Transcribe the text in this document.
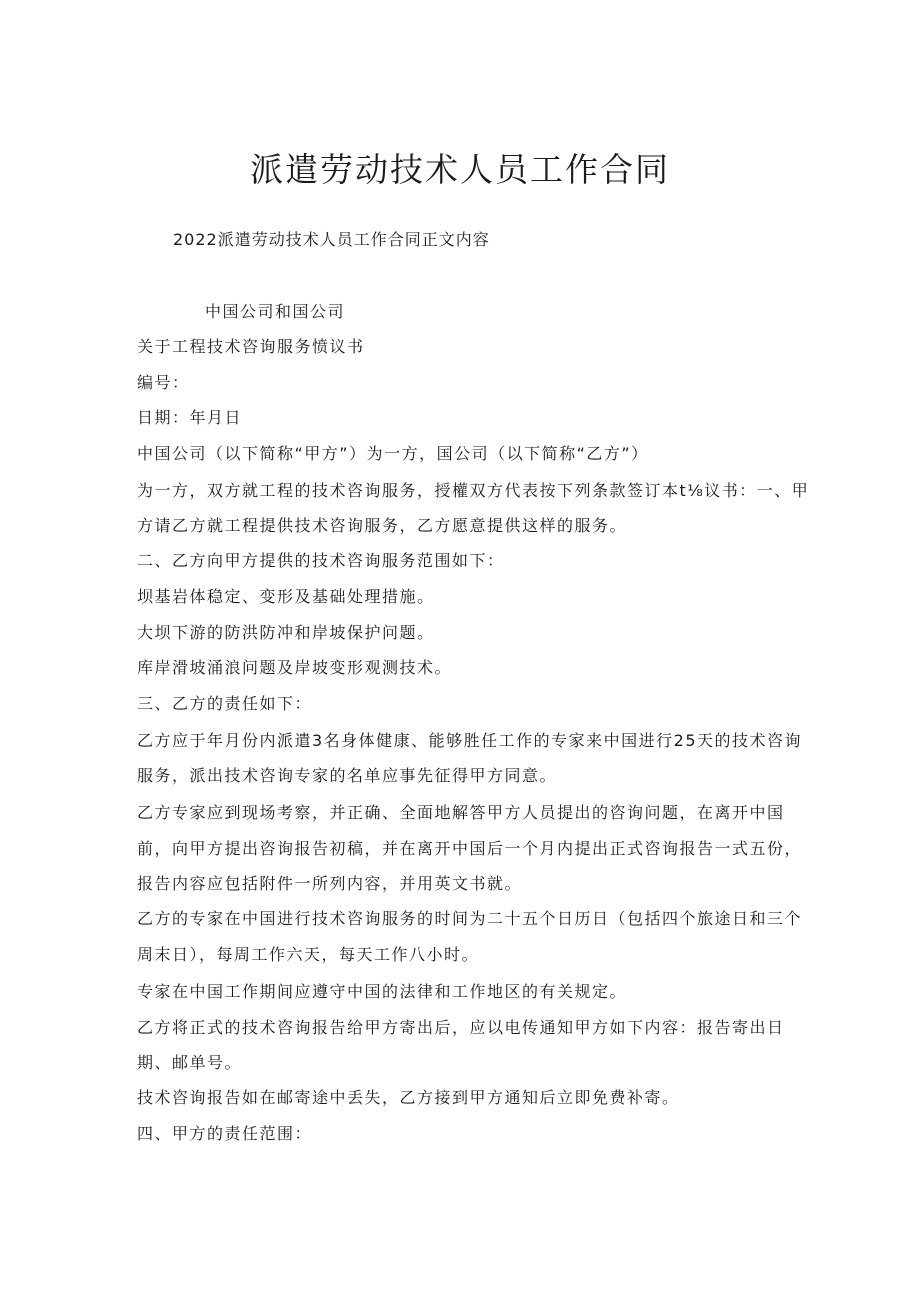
派遣劳动技术人员工作合同

2022派遣劳动技术人员工作合同正文内容

中国公司和国公司

关于工程技术咨询服务愤议书

编号：

日期：年月日

中国公司（以下简称“甲方”）为一方，国公司（以下简称“乙方”）

为一方，双方就工程的技术咨询服务，授權双方代表按下列条款签订本t⅛议书：一、甲

方请乙方就工程提供技术咨询服务，乙方愿意提供这样的服务。

二、乙方向甲方提供的技术咨询服务范围如下：

坝基岩体稳定、变形及基础处理措施。

大坝下游的防洪防冲和岸坡保护问题。

库岸滑坡涌浪问题及岸坡变形观测技术。

三、乙方的责任如下：

乙方应于年月份内派遣3名身体健康、能够胜任工作的专家来中国进行25天的技术咨询

服务，派出技术咨询专家的名单应事先征得甲方同意。

乙方专家应到现场考察，并正确、全面地解答甲方人员提出的咨询问题，在离开中国

前，向甲方提出咨询报告初稿，并在离开中国后一个月内提出正式咨询报告一式五份，

报告内容应包括附件一所列内容，并用英文书就。

乙方的专家在中国进行技术咨询服务的时间为二十五个日历日（包括四个旅途日和三个

周末日），每周工作六天，每天工作八小时。

专家在中国工作期间应遵守中国的法律和工作地区的有关规定。

乙方将正式的技术咨询报告给甲方寄出后，应以电传通知甲方如下内容：报告寄出日

期、邮单号。

技术咨询报告如在邮寄途中丢失，乙方接到甲方通知后立即免费补寄。

四、甲方的责任范围：
